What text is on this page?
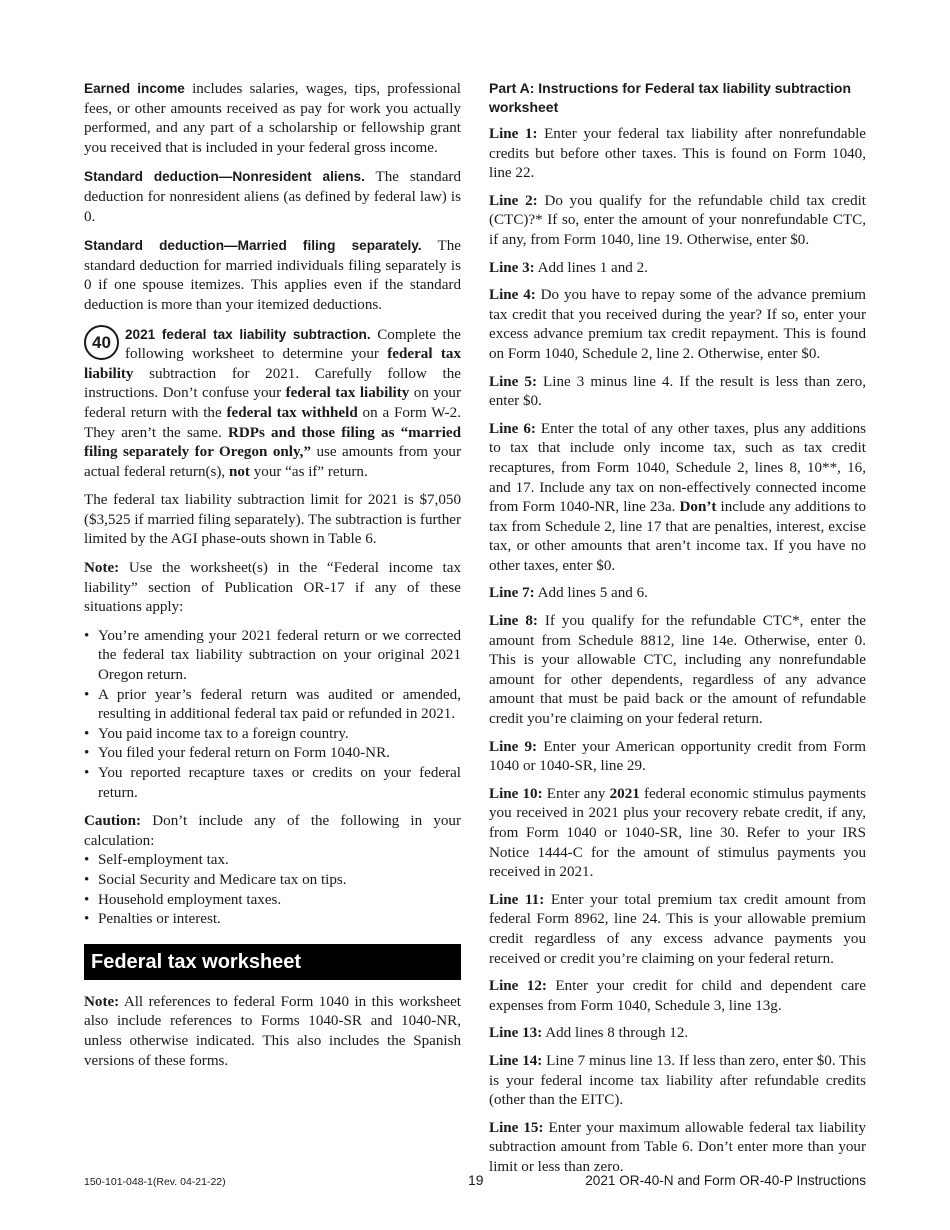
Earned income includes salaries, wages, tips, professional fees, or other amounts received as pay for work you actually performed, and any part of a scholarship or fellowship grant you received that is included in your federal gross income.

Standard deduction—Nonresident aliens. The standard deduction for nonresident aliens (as defined by federal law) is 0.

Standard deduction—Married filing separately. The standard deduction for married individuals filing separately is 0 if one spouse itemizes. This applies even if the standard deduction is more than your itemized deductions.

40	2021 federal tax liability subtraction. Complete the following worksheet to determine your federal tax liability subtraction for 2021. Carefully follow the instructions. Don’t confuse your federal tax liability on your federal return with the federal tax withheld on a Form W-2. They aren’t the same. RDPs and those filing as “married filing separately for Oregon only,” use amounts from your actual federal return(s), not your “as if” return.

The federal tax liability subtraction limit for 2021 is $7,050 ($3,525 if married filing separately). The subtraction is further limited by the AGI phase-outs shown in Table 6.

Note: Use the worksheet(s) in the “Federal income tax liability” section of Publication OR-17 if any of these situations apply:

• You’re amending your 2021 federal return or we corrected the federal tax liability subtraction on your original 2021 Oregon return.
• A prior year’s federal return was audited or amended, resulting in additional federal tax paid or refunded in 2021.
• You paid income tax to a foreign country.
• You filed your federal return on Form 1040-NR.
• You reported recapture taxes or credits on your federal return.

Caution: Don’t include any of the following in your calculation:

• Self-employment tax.
• Social Security and Medicare tax on tips.
• Household employment taxes.
• Penalties or interest.
Federal tax worksheet

Note: All references to federal Form 1040 in this worksheet also include references to Forms 1040-SR and 1040-NR, unless otherwise indicated. This also includes the Spanish versions of these forms.

Part A: Instructions for Federal tax liability subtraction worksheet

Line 1: Enter your federal tax liability after nonrefundable credits but before other taxes. This is found on Form 1040, line 22.

Line 2: Do you qualify for the refundable child tax credit (CTC)?* If so, enter the amount of your nonrefundable CTC, if any, from Form 1040, line 19. Otherwise, enter $0.

Line 3: Add lines 1 and 2.

Line 4: Do you have to repay some of the advance premium tax credit that you received during the year? If so, enter your excess advance premium tax credit repayment. This is found on Form 1040, Schedule 2, line 2. Otherwise, enter $0.

Line 5: Line 3 minus line 4. If the result is less than zero, enter $0.

Line 6: Enter the total of any other taxes, plus any additions to tax that include only income tax, such as tax credit recaptures, from Form 1040, Schedule 2, lines 8, 10**, 16, and 17. Include any tax on non-effectively connected income from Form 1040-NR, line 23a. Don’t include any additions to tax from Schedule 2, line 17 that are penalties, interest, excise tax, or other amounts that aren’t income tax. If you have no other taxes, enter $0.

Line 7: Add lines 5 and 6.

Line 8: If you qualify for the refundable CTC*, enter the amount from Schedule 8812, line 14e. Otherwise, enter 0. This is your allowable CTC, including any nonrefundable amount for other dependents, regardless of any advance amount that must be paid back or the amount of refundable credit you’re claiming on your federal return.

Line 9: Enter your American opportunity credit from Form 1040 or 1040-SR, line 29.

Line 10: Enter any 2021 federal economic stimulus payments you received in 2021 plus your recovery rebate credit, if any, from Form 1040 or 1040-SR, line 30. Refer to your IRS Notice 1444-C for the amount of stimulus payments you received in 2021.

Line 11: Enter your total premium tax credit amount from federal Form 8962, line 24. This is your allowable premium credit regardless of any excess advance payments you received or credit you’re claiming on your federal return.

Line 12: Enter your credit for child and dependent care expenses from Form 1040, Schedule 3, line 13g.

Line 13: Add lines 8 through 12.

Line 14: Line 7 minus line 13. If less than zero, enter $0. This is your federal income tax liability after refundable credits (other than the EITC).

Line 15: Enter your maximum allowable federal tax liability subtraction amount from Table 6. Don’t enter more than your limit or less than zero.

150-101-048-1(Rev. 04-21-22)	19	2021 OR-40-N and Form OR-40-P Instructions
